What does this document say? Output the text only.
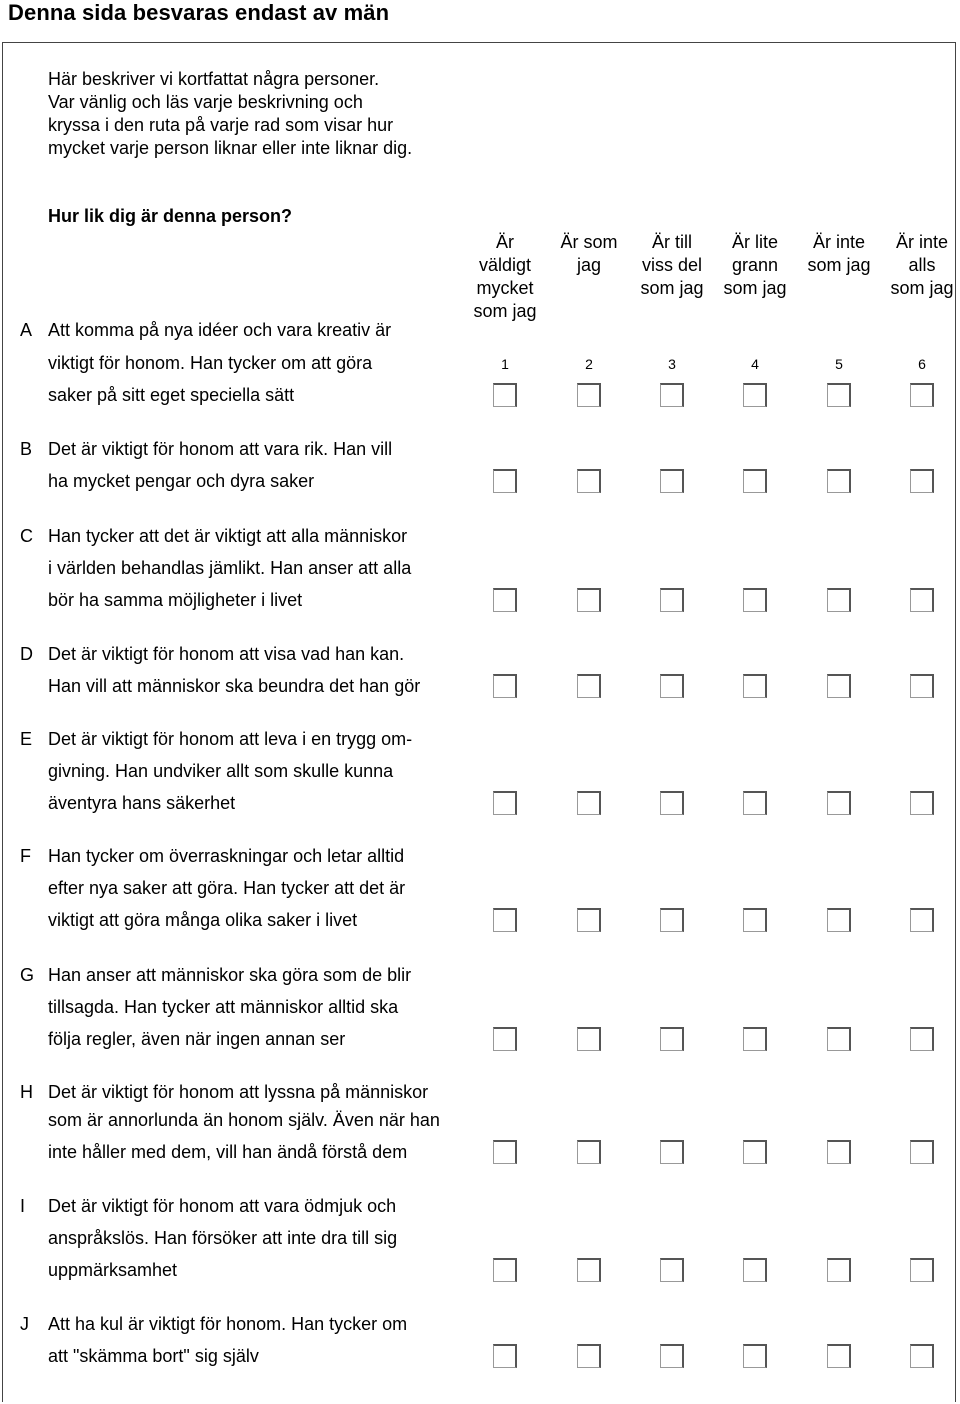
Denna sida besvaras endast av män
Här beskriver vi kortfattat några personer.
Var vänlig och läs varje beskrivning och
kryssa i den ruta på varje rad som visar hur
mycket varje person liknar eller inte liknar dig.
Hur lik dig är denna person?
Är
väldigt
mycket
som jag
1
Är som
jag
2
Är till
viss del
som jag
3
Är lite
grann
som jag
4
Är inte
som jag
5
Är inte
alls
som jag
6
A Att komma på nya idéer och vara kreativ är
viktigt för honom. Han tycker om att göra
saker på sitt eget speciella sätt
B Det är viktigt för honom att vara rik. Han vill
ha mycket pengar och dyra saker
C Han tycker att det är viktigt att alla människor
i världen behandlas jämlikt. Han anser att alla
bör ha samma möjligheter i livet
D Det är viktigt för honom att visa vad han kan.
Han vill att människor ska beundra det han gör
E Det är viktigt för honom att leva i en trygg om-
givning. Han undviker allt som skulle kunna
äventyra hans säkerhet
F Han tycker om överraskningar och letar alltid
efter nya saker att göra. Han tycker att det är
viktigt att göra många olika saker i livet
G Han anser att människor ska göra som de blir
tillsagda. Han tycker att människor alltid ska
följa regler, även när ingen annan ser
H Det är viktigt för honom att lyssna på människor
som är annorlunda än honom själv. Även när han
inte håller med dem, vill han ändå förstå dem
I Det är viktigt för honom att vara ödmjuk och
anspråkslös. Han försöker att inte dra till sig
uppmärksamhet
J Att ha kul är viktigt för honom. Han tycker om
att "skämma bort" sig själv
